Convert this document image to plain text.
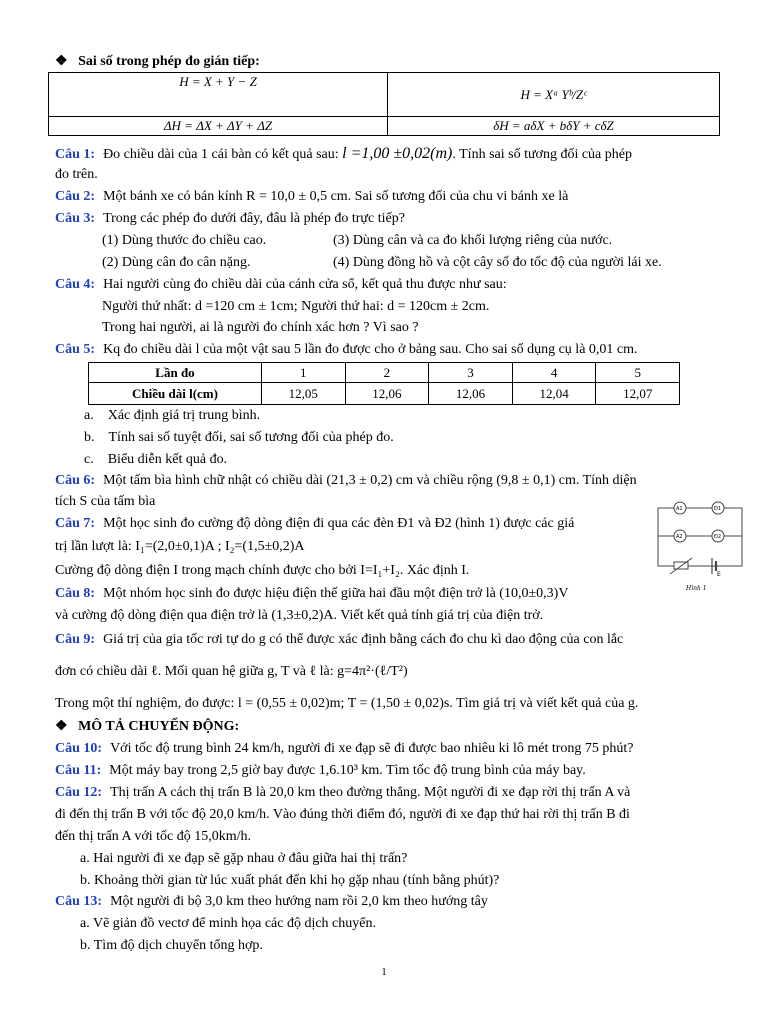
❖ Sai số trong phép đo gián tiếp:
H = X + Y − Z	H = Xᵃ Yᵇ/Zᶜ
ΔH = ΔX + ΔY + ΔZ	δH = aδX + bδY + cδZ
Câu 1: Đo chiều dài của 1 cái bàn có kết quả sau: l =1,00 ±0,02(m). Tính sai số tương đối của phép
đo trên.
Câu 2: Một bánh xe có bán kính R = 10,0 ± 0,5 cm. Sai số tương đối của chu vi bánh xe là
Câu 3: Trong các phép đo dưới đây, đâu là phép đo trực tiếp?
(1) Dùng thước đo chiều cao.	(3) Dùng cân và ca đo khối lượng riêng của nước.
(2) Dùng cân đo cân nặng.	(4) Dùng đồng hồ và cột cây số đo tốc độ của người lái xe.
Câu 4: Hai người cùng đo chiều dài của cánh cửa sổ, kết quả thu được như sau:
Người thứ nhất: d =120 cm ± 1cm; Người thứ hai: d = 120cm ± 2cm.
Trong hai người, ai là người đo chính xác hơn ? Vì sao ?
Câu 5: Kq đo chiều dài l của một vật sau 5 lần đo được cho ở bảng sau. Cho sai số dụng cụ là 0,01 cm.
Lần đo	1	2	3	4	5
Chiều dài l(cm)	12,05	12,06	12,06	12,04	12,07
a.    Xác định giá trị trung bình.
b.    Tính sai số tuyệt đối, sai số tương đối của phép đo.
c.    Biểu diễn kết quả đo.
Câu 6: Một tấm bìa hình chữ nhật có chiều dài (21,3 ± 0,2) cm và chiều rộng (9,8 ± 0,1) cm. Tính diện
tích S của tấm bìa
Câu 7: Một học sinh đo cường độ dòng điện đi qua các đèn Đ1 và Đ2 (hình 1) được các giá
trị lần lượt là: I₁=(2,0±0,1)A ; I₂=(1,5±0,2)A
Cường độ dòng điện I trong mạch chính được cho bởi I=I₁+I₂. Xác định I.
A1	Đ1
A2	Đ2
E
Hình 1
Câu 8: Một nhóm học sinh đo được hiệu điện thế giữa hai đầu một điện trở là (10,0±0,3)V
và cường độ dòng điện qua điện trở là (1,3±0,2)A. Viết kết quả tính giá trị của điện trở.
Câu 9: Giá trị của gia tốc rơi tự do g có thể được xác định bằng cách đo chu kì dao động của con lắc
đơn có chiều dài ℓ. Mối quan hệ giữa g, T và ℓ là: g=4π²·(ℓ/T²)
Trong một thí nghiệm, đo được: l = (0,55 ± 0,02)m; T = (1,50 ± 0,02)s. Tìm giá trị và viết kết quả của g.
❖ MÔ TẢ CHUYỂN ĐỘNG:
Câu 10: Với tốc độ trung bình 24 km/h, người đi xe đạp sẽ đi được bao nhiêu ki lô mét trong 75 phút?
Câu 11: Một máy bay trong 2,5 giờ bay được 1,6.10³ km. Tìm tốc độ trung bình của máy bay.
Câu 12: Thị trấn A cách thị trấn B là 20,0 km theo đường thẳng. Một người đi xe đạp rời thị trấn A và
đi đến thị trấn B với tốc độ 20,0 km/h. Vào đúng thời điểm đó, người đi xe đạp thứ hai rời thị trấn B đi
đến thị trấn A với tốc độ 15,0km/h.
a. Hai người đi xe đạp sẽ gặp nhau ở đâu giữa hai thị trấn?
b. Khoảng thời gian từ lúc xuất phát đến khi họ gặp nhau (tính bằng phút)?
Câu 13: Một người đi bộ 3,0 km theo hướng nam rồi 2,0 km theo hướng tây
a. Vẽ giản đồ vectơ để minh họa các độ dịch chuyển.
b. Tìm độ dịch chuyển tổng hợp.
1
